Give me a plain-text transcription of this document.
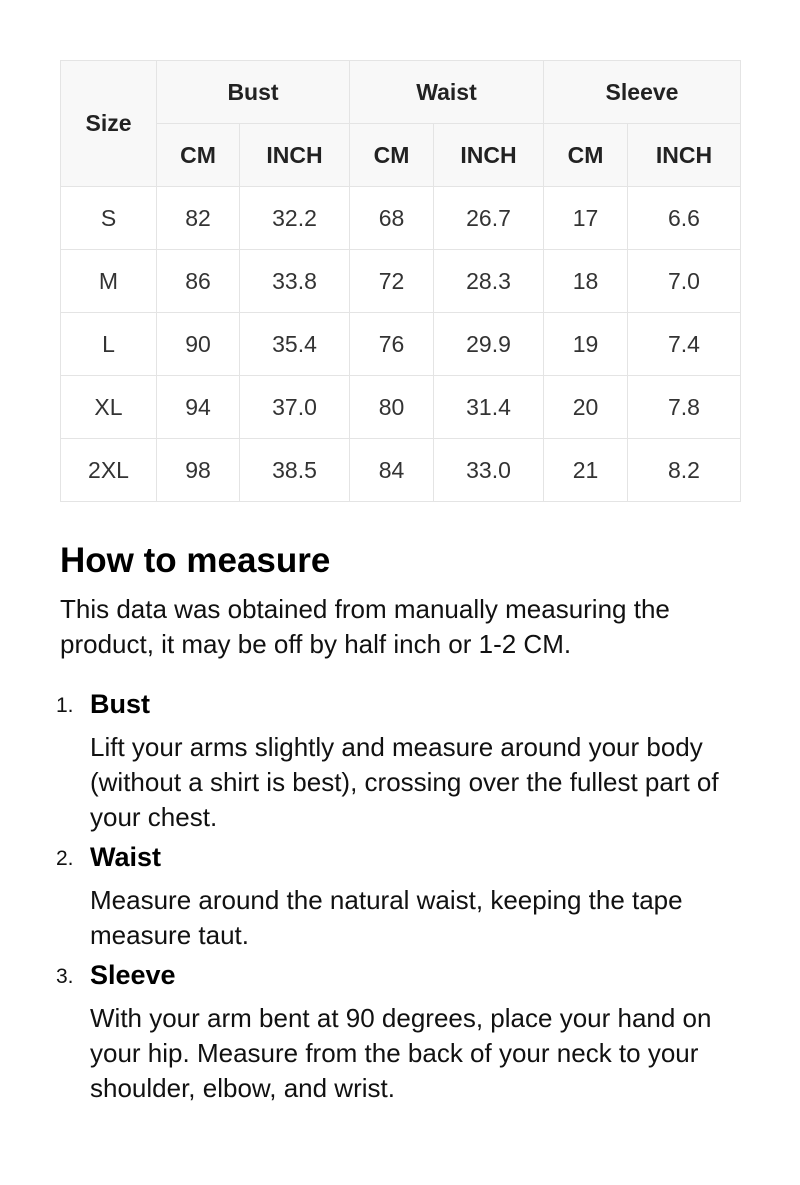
Size	Bust		Waist		Sleeve	
	CM	INCH	CM	INCH	CM	INCH
S	82	32.2	68	26.7	17	6.6
M	86	33.8	72	28.3	18	7.0
L	90	35.4	76	29.9	19	7.4
XL	94	37.0	80	31.4	20	7.8
2XL	98	38.5	84	33.0	21	8.2
How to measure

This data was obtained from manually measuring the product, it may be off by half inch or 1-2 CM.

1. Bust
Lift your arms slightly and measure around your body (without a shirt is best), crossing over the fullest part of your chest.
2. Waist
Measure around the natural waist, keeping the tape measure taut.
3. Sleeve
With your arm bent at 90 degrees, place your hand on your hip. Measure from the back of your neck to your shoulder, elbow, and wrist.
